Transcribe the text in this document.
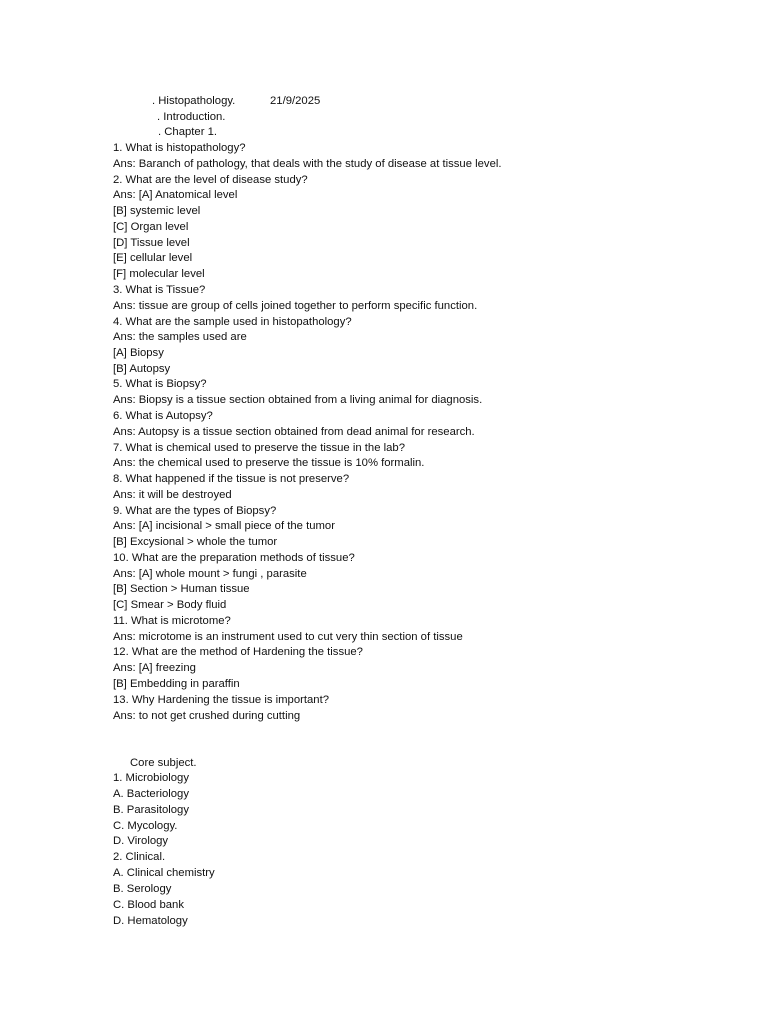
. Histopathology.	21/9/2025
. Introduction.
. Chapter 1.
1. What is histopathology?
Ans: Baranch of pathology, that deals with the study of disease at tissue level.
2. What are the level of disease study?
Ans: [A] Anatomical level
[B] systemic level
[C] Organ level
[D] Tissue level
[E] cellular level
[F] molecular level
3. What is Tissue?
Ans: tissue are group of cells joined together to perform specific function.
4. What are the sample used in histopathology?
Ans: the samples used are
[A] Biopsy
[B] Autopsy
5. What is Biopsy?
Ans: Biopsy is a tissue section obtained from a living animal for diagnosis.
6. What is Autopsy?
Ans: Autopsy is a tissue section obtained from dead animal for research.
7. What is chemical used to preserve the tissue in the lab?
Ans: the chemical used to preserve the tissue is 10% formalin.
8. What happened if the tissue is not preserve?
Ans: it will be destroyed
9. What are the types of Biopsy?
Ans: [A] incisional > small piece of the tumor
[B] Excysional > whole the tumor
10. What are the preparation methods of tissue?
Ans: [A] whole mount > fungi , parasite
[B] Section > Human tissue
[C] Smear > Body fluid
11. What is microtome?
Ans: microtome is an instrument used to cut very thin section of tissue
12. What are the method of Hardening the tissue?
Ans: [A] freezing
[B] Embedding in paraffin
13. Why Hardening the tissue is important?
Ans: to not get crushed during cutting
Core subject.
1. Microbiology
A. Bacteriology
B. Parasitology
C. Mycology.
D. Virology
2. Clinical.
A. Clinical chemistry
B. Serology
C. Blood bank
D. Hematology
